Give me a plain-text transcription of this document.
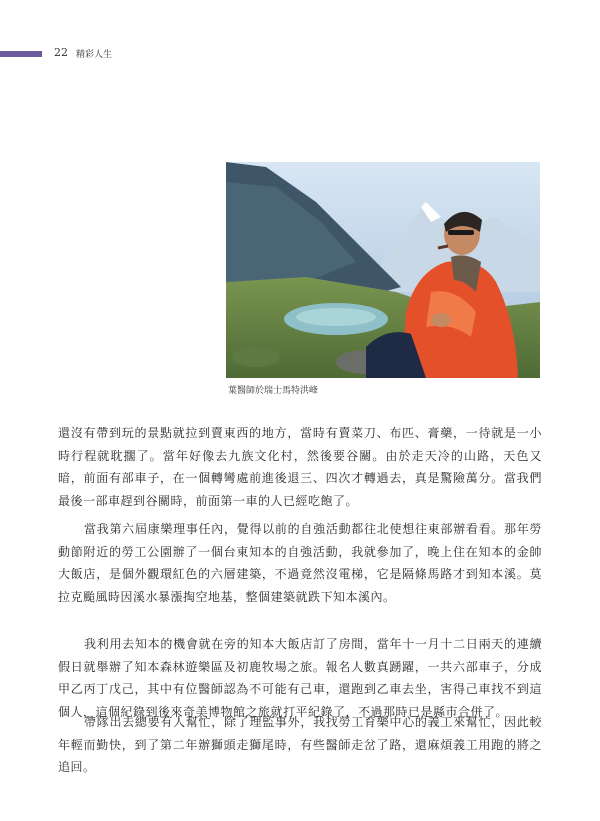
22 精彩人生
葉醫師於瑞士馬特洪峰

還沒有帶到玩的景點就拉到賣東西的地方，當時有賣菜刀、布匹、膏藥，一待就是一小時行程就耽擱了。當年好像去九族文化村，然後要谷關。由於走天冷的山路，天色又暗，前面有部車子，在一個轉彎處前進後退三、四次才轉過去，真是驚險萬分。當我們最後一部車趕到谷關時，前面第一車的人已經吃飽了。

當我第六屆康樂理事任內，覺得以前的自強活動都往北使想往東部辦看看。那年勞動節附近的勞工公園辦了一個台東知本的自強活動，我就參加了，晚上住在知本的金帥大飯店，是個外觀環紅色的六層建築，不過竟然沒電梯，它是隔條馬路才到知本溪。莫拉克颱風時因溪水暴漲掏空地基，整個建築就跌下知本溪內。

我利用去知本的機會就在旁的知本大飯店訂了房間，當年十一月十二日兩天的連續假日就舉辦了知本森林遊樂區及初鹿牧場之旅。報名人數真踴躍，一共六部車子，分成甲乙丙丁戊己，其中有位醫師認為不可能有己車，還跑到乙車去坐，害得己車找不到這個人，這個紀錄到後來奇美博物館之旅就打平紀錄了，不過那時已是縣市合併了。

帶隊出去總要有人幫忙，除了理監事外，我找勞工育樂中心的義工來幫忙，因此較年輕而勤快，到了第二年辦獅頭走獅尾時，有些醫師走岔了路，還麻煩義工用跑的將之追回。
